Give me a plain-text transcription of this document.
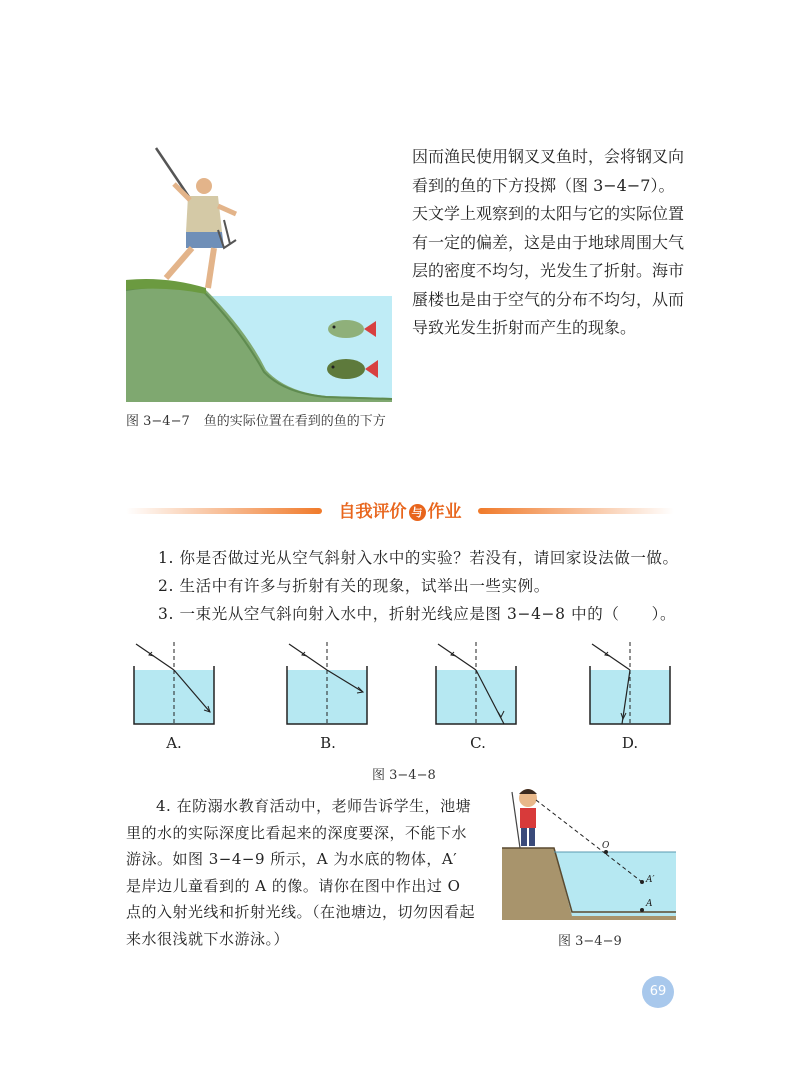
图 3−4−7 鱼的实际位置在看到的鱼的下方
因而渔民使用钢叉叉鱼时，会将钢叉向看到的鱼的下方投掷（图 3−4−7）。天文学上观察到的太阳与它的实际位置有一定的偏差，这是由于地球周围大气层的密度不均匀，光发生了折射。海市蜃楼也是由于空气的分布不均匀，从而导致光发生折射而产生的现象。
自我评价 与 作业
1. 你是否做过光从空气斜射入水中的实验？若没有，请回家设法做一做。
2. 生活中有许多与折射有关的现象，试举出一些实例。
3. 一束光从空气斜向射入水中，折射光线应是图 3−4−8 中的（　　）。
A.	B.	C.	D.
图 3−4−8
4. 在防溺水教育活动中，老师告诉学生，池塘里的水的实际深度比看起来的深度要深，不能下水游泳。如图 3−4−9 所示，A 为水底的物体，A′ 是岸边儿童看到的 A 的像。请你在图中作出过 O 点的入射光线和折射光线。（在池塘边，切勿因看起来水很浅就下水游泳。）
O
A′
A
图 3−4−9
69
